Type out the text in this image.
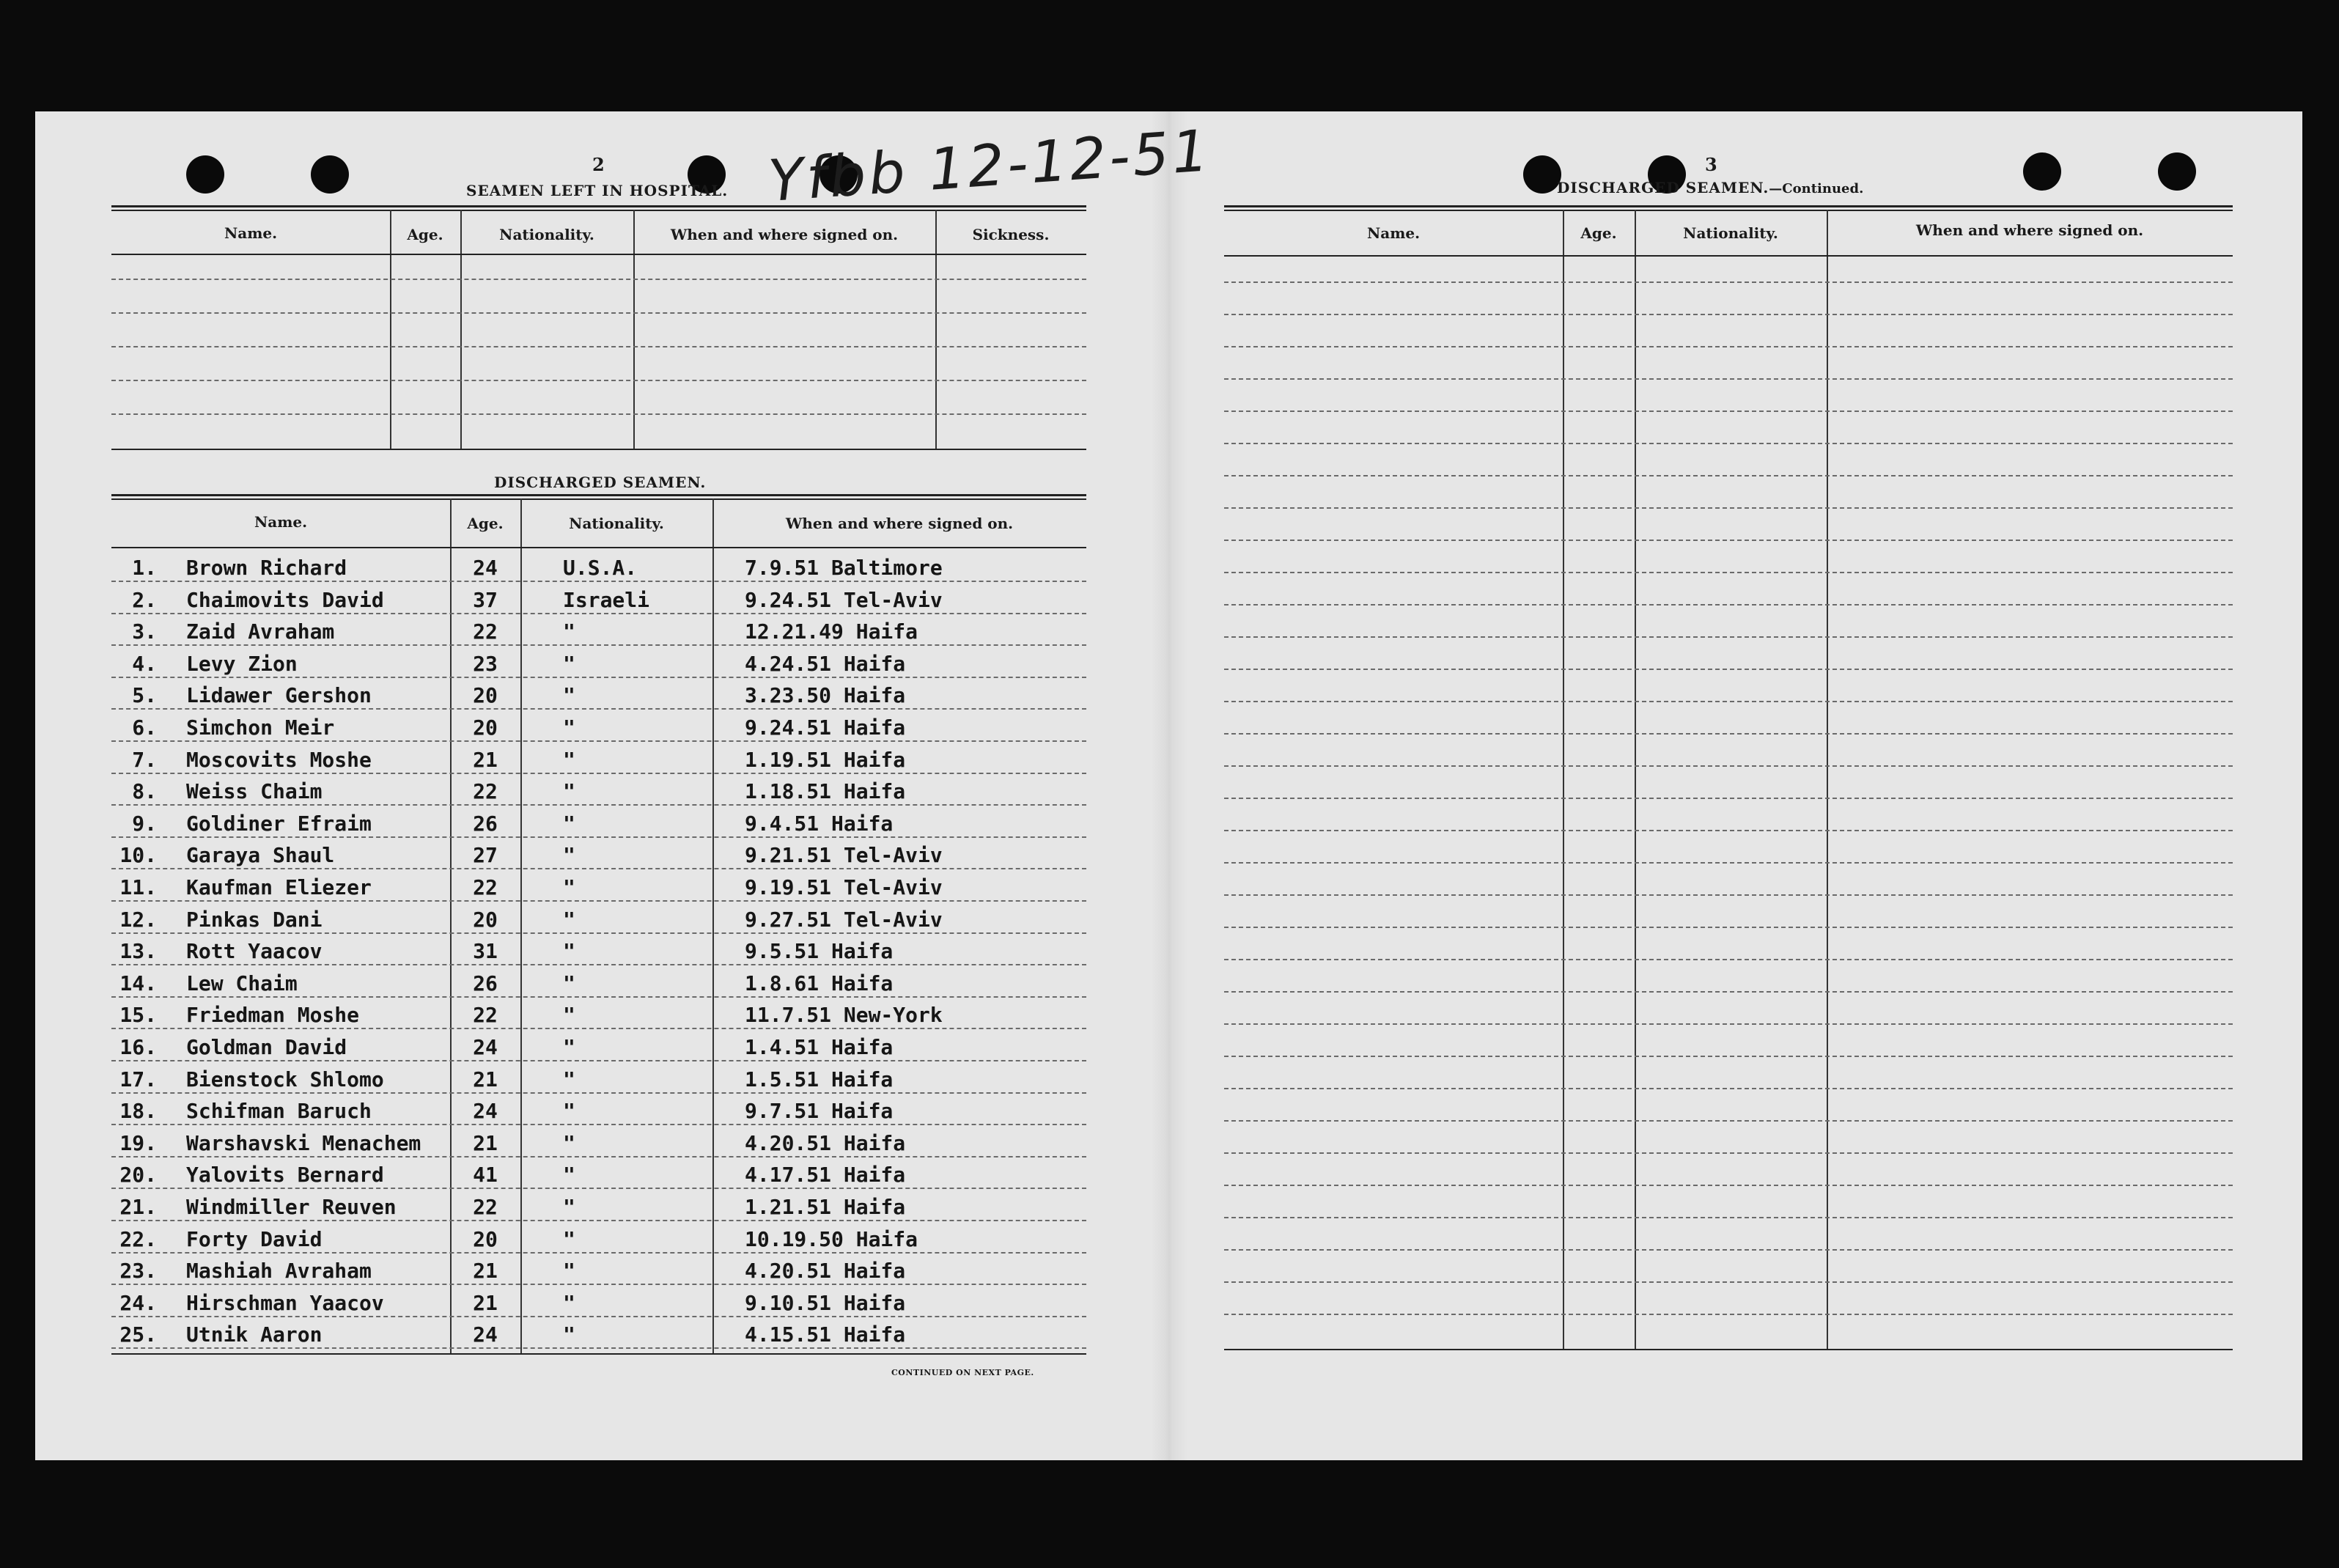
2
SEAMEN LEFT IN HOSPITAL. Yfbb 12-12-51
Name.	Age.	Nationality.	When and where signed on.	Sickness.
DISCHARGED SEAMEN.
Name.	Age.	Nationality.	When and where signed on.
1. Brown Richard	24	U.S.A.	7.9.51 Baltimore
2. Chaimovits David	37	Israeli	9.24.51 Tel-Aviv
3. Zaid Avraham	22	"	12.21.49 Haifa
4. Levy Zion	23	"	4.24.51 Haifa
5. Lidawer Gershon	20	"	3.23.50 Haifa
6. Simchon Meir	20	"	9.24.51 Haifa
7. Moscovits Moshe	21	"	1.19.51 Haifa
8. Weiss Chaim	22	"	1.18.51 Haifa
9. Goldiner Efraim	26	"	9.4.51 Haifa
10. Garaya Shaul	27	"	9.21.51 Tel-Aviv
11. Kaufman Eliezer	22	"	9.19.51 Tel-Aviv
12. Pinkas Dani	20	"	9.27.51 Tel-Aviv
13. Rott Yaacov	31	"	9.5.51 Haifa
14. Lew Chaim	26	"	1.8.61 Haifa
15. Friedman Moshe	22	"	11.7.51 New-York
16. Goldman David	24	"	1.4.51 Haifa
17. Bienstock Shlomo	21	"	1.5.51 Haifa
18. Schifman Baruch	24	"	9.7.51 Haifa
19. Warshavski Menachem	21	"	4.20.51 Haifa
20. Yalovits Bernard	41	"	4.17.51 Haifa
21. Windmiller Reuven	22	"	1.21.51 Haifa
22. Forty David	20	"	10.19.50 Haifa
23. Mashiah Avraham	21	"	4.20.51 Haifa
24. Hirschman Yaacov	21	"	9.10.51 Haifa
25. Utnik Aaron	24	"	4.15.51 Haifa
CONTINUED ON NEXT PAGE.
3
DISCHARGED SEAMEN.—Continued.
Name.	Age.	Nationality.	When and where signed on.
